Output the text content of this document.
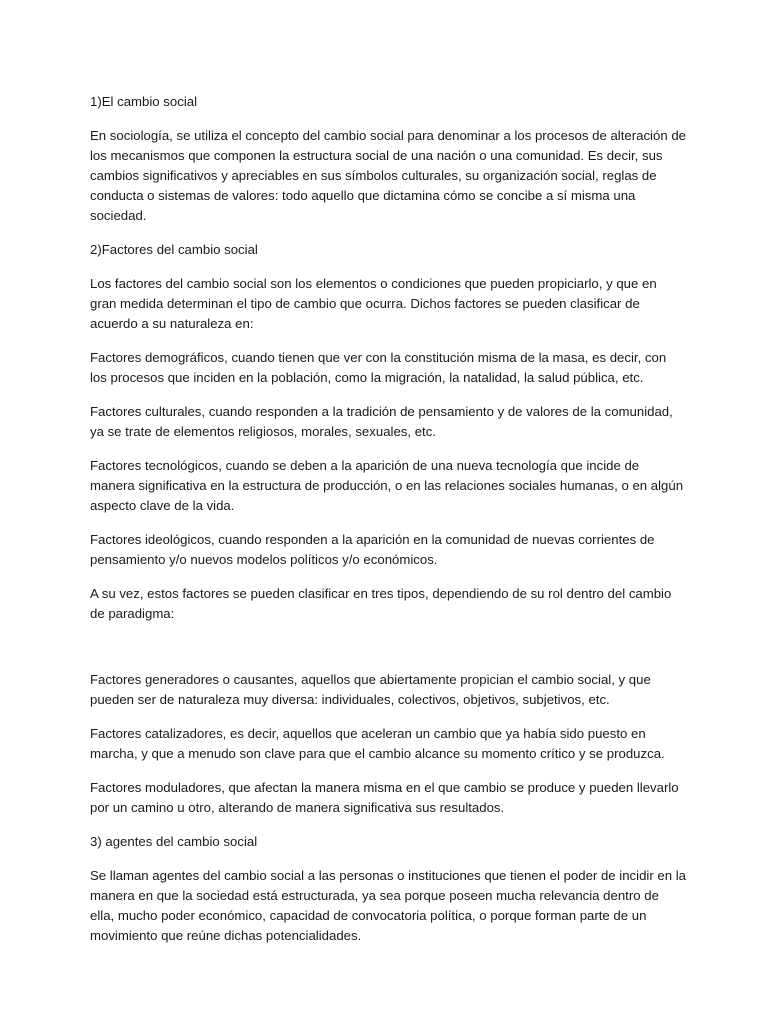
1)El cambio social

En sociología, se utiliza el concepto del cambio social para denominar a los procesos de alteración de los mecanismos que componen la estructura social de una nación o una comunidad. Es decir, sus cambios significativos y apreciables en sus símbolos culturales, su organización social, reglas de conducta o sistemas de valores: todo aquello que dictamina cómo se concibe a sí misma una sociedad.

2)Factores del cambio social

Los factores del cambio social son los elementos o condiciones que pueden propiciarlo, y que en gran medida determinan el tipo de cambio que ocurra. Dichos factores se pueden clasificar de acuerdo a su naturaleza en:

Factores demográficos, cuando tienen que ver con la constitución misma de la masa, es decir, con los procesos que inciden en la población, como la migración, la natalidad, la salud pública, etc.

Factores culturales, cuando responden a la tradición de pensamiento y de valores de la comunidad, ya se trate de elementos religiosos, morales, sexuales, etc.

Factores tecnológicos, cuando se deben a la aparición de una nueva tecnología que incide de manera significativa en la estructura de producción, o en las relaciones sociales humanas, o en algún aspecto clave de la vida.

Factores ideológicos, cuando responden a la aparición en la comunidad de nuevas corrientes de pensamiento y/o nuevos modelos políticos y/o económicos.

A su vez, estos factores se pueden clasificar en tres tipos, dependiendo de su rol dentro del cambio de paradigma:

Factores generadores o causantes, aquellos que abiertamente propician el cambio social, y que pueden ser de naturaleza muy diversa: individuales, colectivos, objetivos, subjetivos, etc.

Factores catalizadores, es decir, aquellos que aceleran un cambio que ya había sido puesto en marcha, y que a menudo son clave para que el cambio alcance su momento crítico y se produzca.

Factores moduladores, que afectan la manera misma en el que cambio se produce y pueden llevarlo por un camino u otro, alterando de manera significativa sus resultados.

3) agentes del cambio social

Se llaman agentes del cambio social a las personas o instituciones que tienen el poder de incidir en la manera en que la sociedad está estructurada, ya sea porque poseen mucha relevancia dentro de ella, mucho poder económico, capacidad de convocatoria política, o porque forman parte de un movimiento que reúne dichas potencialidades.
